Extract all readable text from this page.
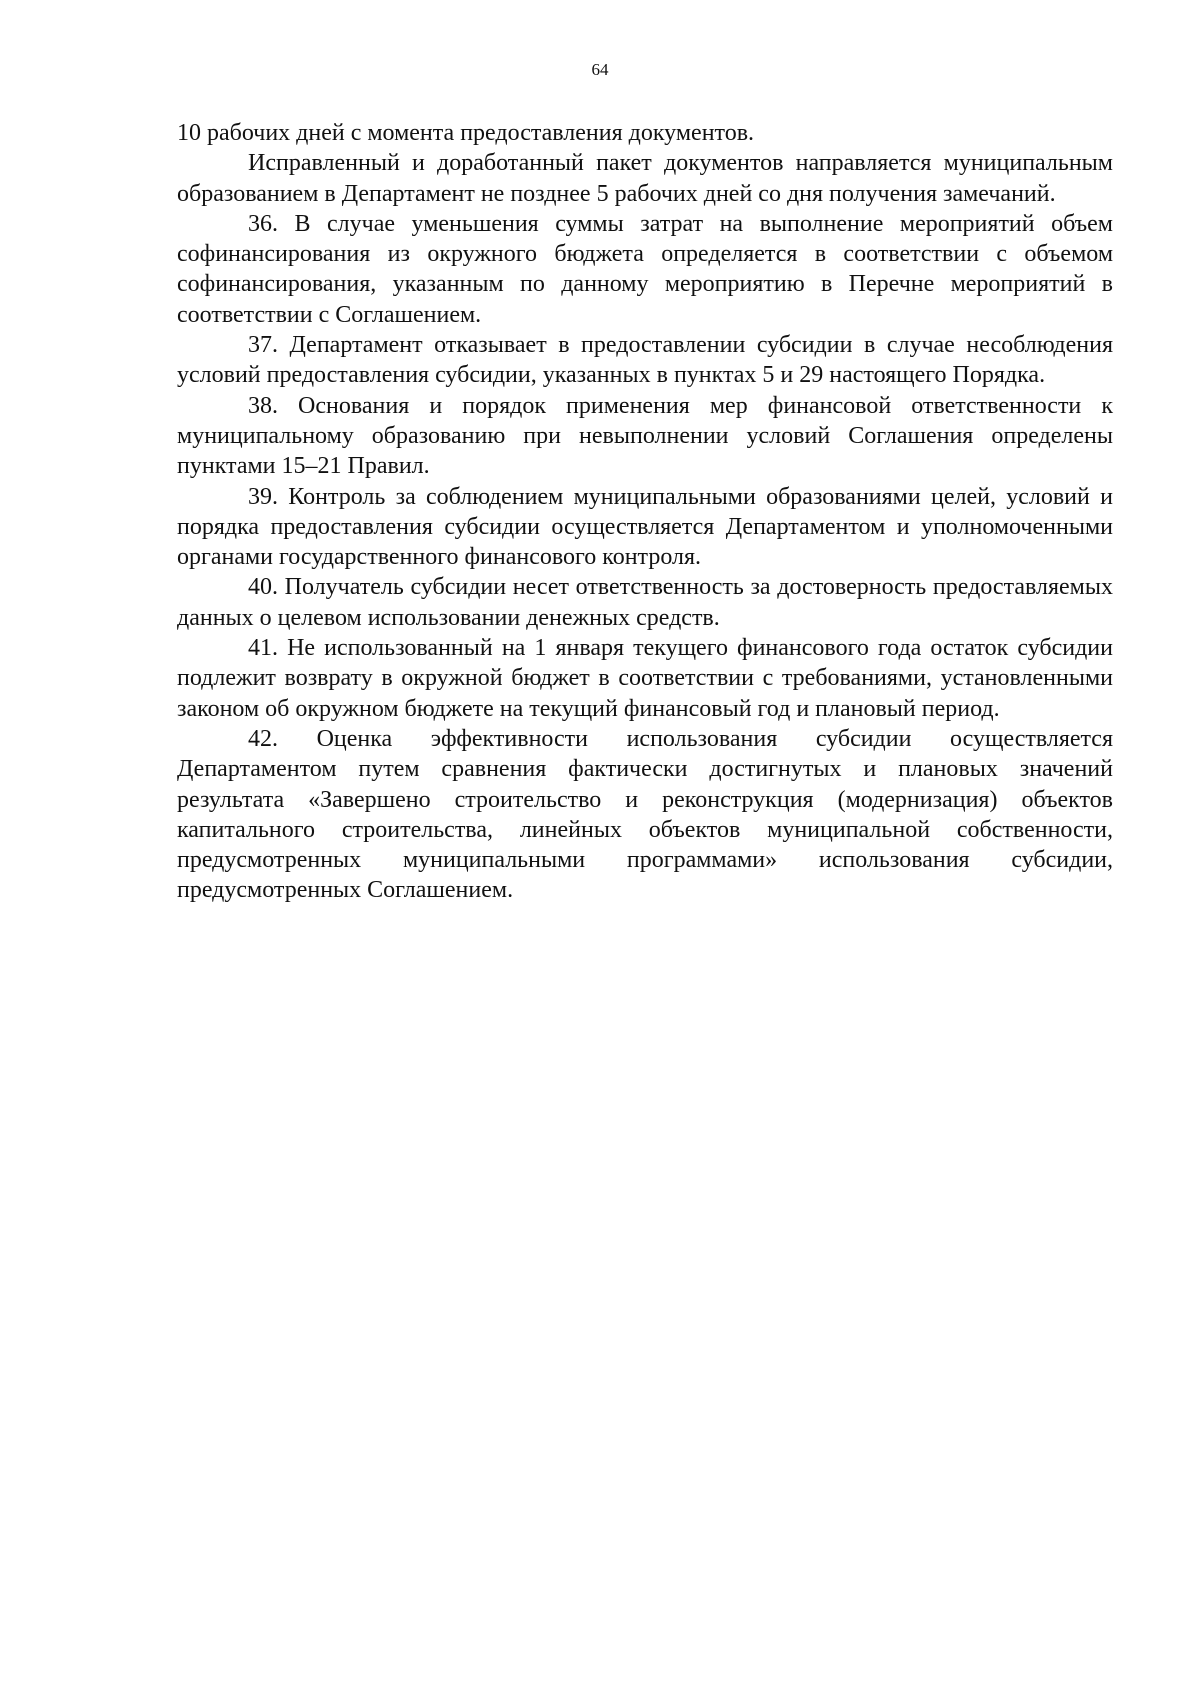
64

10 рабочих дней с момента предоставления документов.

Исправленный и доработанный пакет документов направляется муниципальным образованием в Департамент не позднее 5 рабочих дней со дня получения замечаний.

36. В случае уменьшения суммы затрат на выполнение мероприятий объем софинансирования из окружного бюджета определяется в соответствии с объемом софинансирования, указанным по данному мероприятию в Перечне мероприятий в соответствии с Соглашением.

37. Департамент отказывает в предоставлении субсидии в случае несоблюдения условий предоставления субсидии, указанных в пунктах 5 и 29 настоящего Порядка.

38. Основания и порядок применения мер финансовой ответственности к муниципальному образованию при невыполнении условий Соглашения определены пунктами 15–21 Правил.

39. Контроль за соблюдением муниципальными образованиями целей, условий и порядка предоставления субсидии осуществляется Департаментом и уполномоченными органами государственного финансового контроля.

40. Получатель субсидии несет ответственность за достоверность предоставляемых данных о целевом использовании денежных средств.

41. Не использованный на 1 января текущего финансового года остаток субсидии подлежит возврату в окружной бюджет в соответствии с требованиями, установленными законом об окружном бюджете на текущий финансовый год и плановый период.

42. Оценка эффективности использования субсидии осуществляется Департаментом путем сравнения фактически достигнутых и плановых значений результата «Завершено строительство и реконструкция (модернизация) объектов капитального строительства, линейных объектов муниципальной собственности, предусмотренных муниципальными программами» использования субсидии, предусмотренных Соглашением.
